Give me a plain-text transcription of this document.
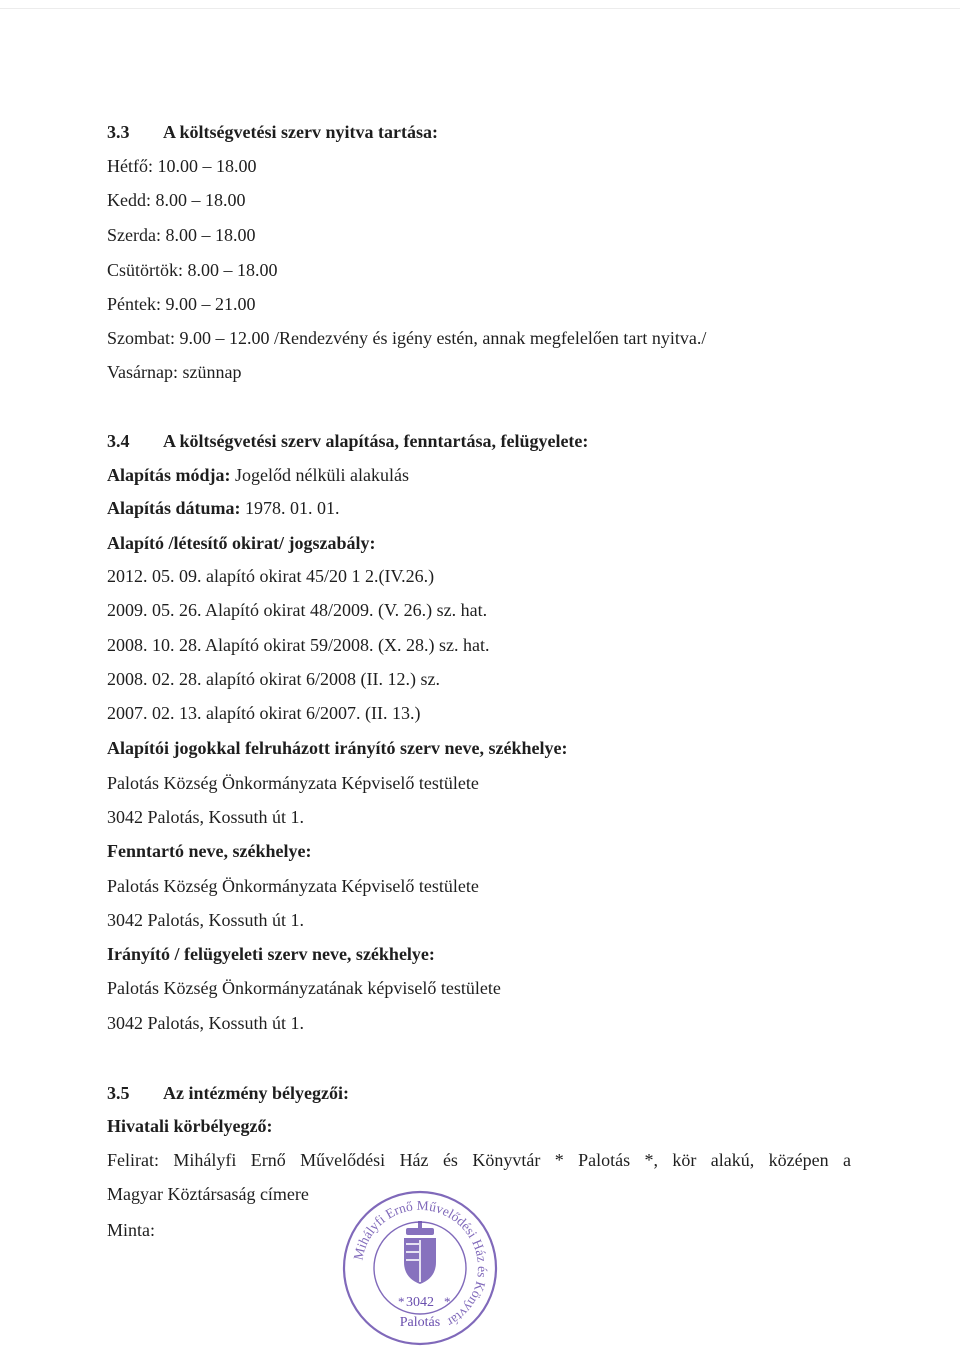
3.3 A költségvetési szerv nyitva tartása:
Hétfő: 10.00 – 18.00
Kedd: 8.00 – 18.00
Szerda: 8.00 – 18.00
Csütörtök: 8.00 – 18.00
Péntek: 9.00 – 21.00
Szombat: 9.00 – 12.00 /Rendezvény és igény estén, annak megfelelően tart nyitva./
Vasárnap: szünnap
3.4 A költségvetési szerv alapítása, fenntartása, felügyelete:
Alapítás módja: Jogelőd nélküli alakulás
Alapítás dátuma: 1978. 01. 01.
Alapító /létesítő okirat/ jogszabály:
2012. 05. 09. alapító okirat 45/20 1 2.(IV.26.)
2009. 05. 26. Alapító okirat 48/2009. (V. 26.) sz. hat.
2008. 10. 28. Alapító okirat 59/2008. (X. 28.) sz. hat.
2008. 02. 28. alapító okirat 6/2008 (II. 12.) sz.
2007. 02. 13. alapító okirat 6/2007. (II. 13.)
Alapítói jogokkal felruházott irányító szerv neve, székhelye:
Palotás Község Önkormányzata Képviselő testülete
3042 Palotás, Kossuth út 1.
Fenntartó neve, székhelye:
Palotás Község Önkormányzata Képviselő testülete
3042 Palotás, Kossuth út 1.
Irányító / felügyeleti szerv neve, székhelye:
Palotás Község Önkormányzatának képviselő testülete
3042 Palotás, Kossuth út 1.
3.5 Az intézmény bélyegzői:
Hivatali körbélyegző:
Felirat: Mihályfi Ernő Művelődési Ház és Könyvtár * Palotás *, kör alakú, középen a
Magyar Köztársaság címere
Minta:
Mihályfi Ernő Művelődési Ház és Könyvtár
* 3042 *
Palotás
